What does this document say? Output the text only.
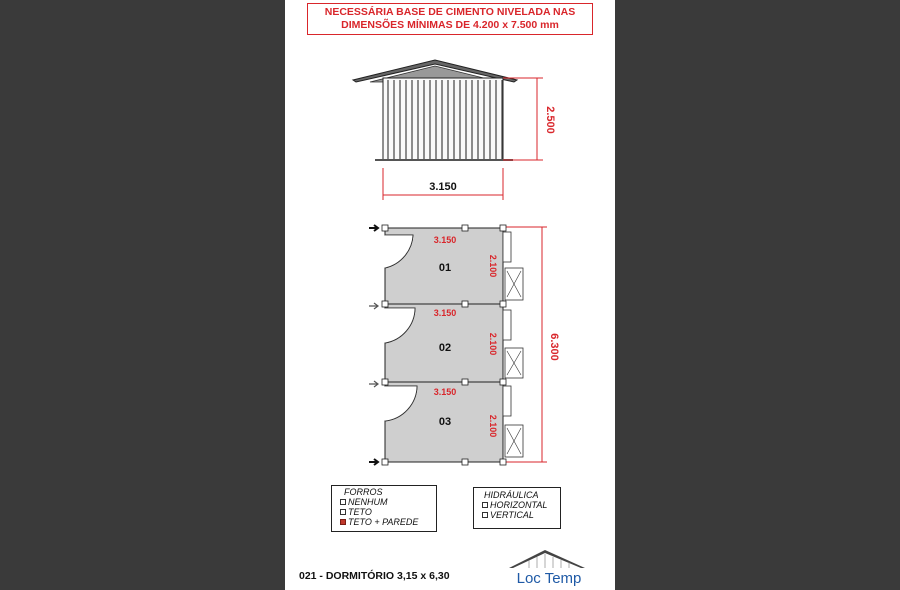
NECESSÁRIA BASE DE CIMENTO NIVELADA NAS
DIMENSÕES MÍNIMAS DE 4.200 x 7.500 mm
2.500
3.150
6.300
3.150
01	2.100
3.150
02	2.100
3.150
03	2.100
FORROS
NENHUM
TETO
TETO + PAREDE
HIDRÁULICA
HORIZONTAL
VERTICAL
021 - DORMITÓRIO 3,15 x 6,30	Loc Temp
